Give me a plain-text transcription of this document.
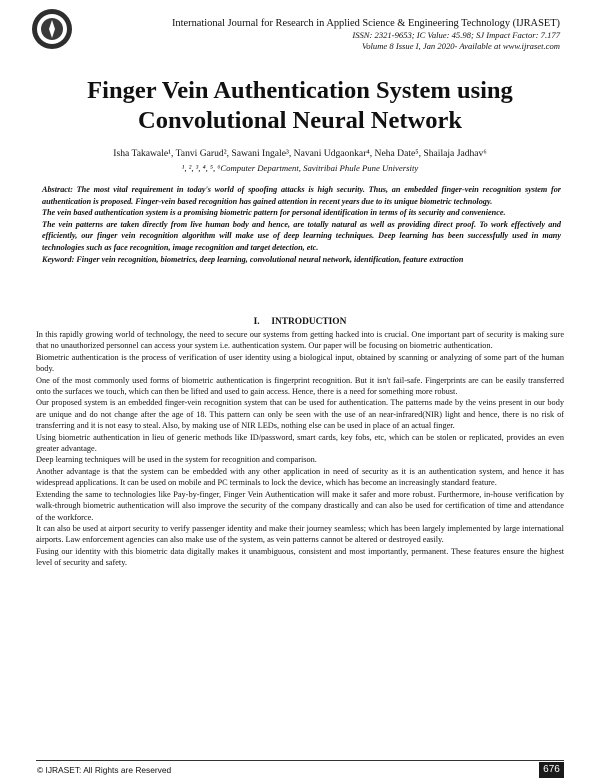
International Journal for Research in Applied Science & Engineering Technology (IJRASET)
ISSN: 2321-9653; IC Value: 45.98; SJ Impact Factor: 7.177
Volume 8 Issue I, Jan 2020- Available at www.ijraset.com
Finger Vein Authentication System using
Convolutional Neural Network
Isha Takawale¹, Tanvi Garud², Sawani Ingale³, Navani Udgaonkar⁴, Neha Date⁵, Shailaja Jadhav⁶
¹, ², ³, ⁴, ⁵, ⁶Computer Department, Savitribai Phule Pune University

Abstract: The most vital requirement in today's world of spoofing attacks is high security. Thus, an embedded finger-vein recognition system for authentication is proposed. Finger-vein based recognition has gained attention in recent years due to its unique biometric technology.

The vein based authentication system is a promising biometric pattern for personal identification in terms of its security and convenience.

The vein patterns are taken directly from live human body and hence, are totally natural as well as providing direct proof. To work effectively and efficiently, our finger vein recognition algorithm will make use of deep learning techniques. Deep learning has been successfully used in many technologies such as face recognition, image recognition and target detection, etc.

Keyword: Finger vein recognition, biometrics, deep learning, convolutional neural network, identification, feature extraction

I.     INTRODUCTION

In this rapidly growing world of technology, the need to secure our systems from getting hacked into is crucial. One important part of security is making sure that no unauthorized personnel can access your system i.e. authentication system. Our paper will be focusing on biometric authentication.

Biometric authentication is the process of verification of user identity using a biological input, obtained by scanning or analyzing of some part of the human body.

One of the most commonly used forms of biometric authentication is fingerprint recognition. But it isn't fail-safe. Fingerprints are can be easily transferred onto the surfaces we touch, which can then be lifted and used to gain access. Hence, there is a need for something more robust.

Our proposed system is an embedded finger-vein recognition system that can be used for authentication. The patterns made by the veins present in our body are unique and do not change after the age of 18. This pattern can only be seen with the use of an near-infrared(NIR) light and hence, there is no risk of transferring and it is not easy to steal. Also, by making use of NIR LEDs, nothing else can be used in place of an actual finger.

Using biometric authentication in lieu of generic methods like ID/password, smart cards, key fobs, etc, which can be stolen or replicated, provides an even greater advantage.

Deep learning techniques will be used in the system for recognition and comparison.

Another advantage is that the system can be embedded with any other application in need of security as it is an authentication system, and hence it has widespread applications. It can be used on mobile and PC terminals to lock the device, which has become an increasingly standard feature.

Extending the same to technologies like Pay-by-finger, Finger Vein Authentication will make it safer and more robust. Furthermore, in-house verification by walk-through biometric authentication will also improve the security of the company drastically and can also be used for certification of time and attendance of the workforce.

It can also be used at airport security to verify passenger identity and make their journey seamless; which has been largely implemented by large international airports. Law enforcement agencies can also make use of the system, as vein patterns cannot be altered or destroyed easily.

Fusing our identity with this biometric data digitally makes it unambiguous, consistent and most importantly, permanent. These features ensure the highest level of security and safety.

676
© IJRASET: All Rights are Reserved
